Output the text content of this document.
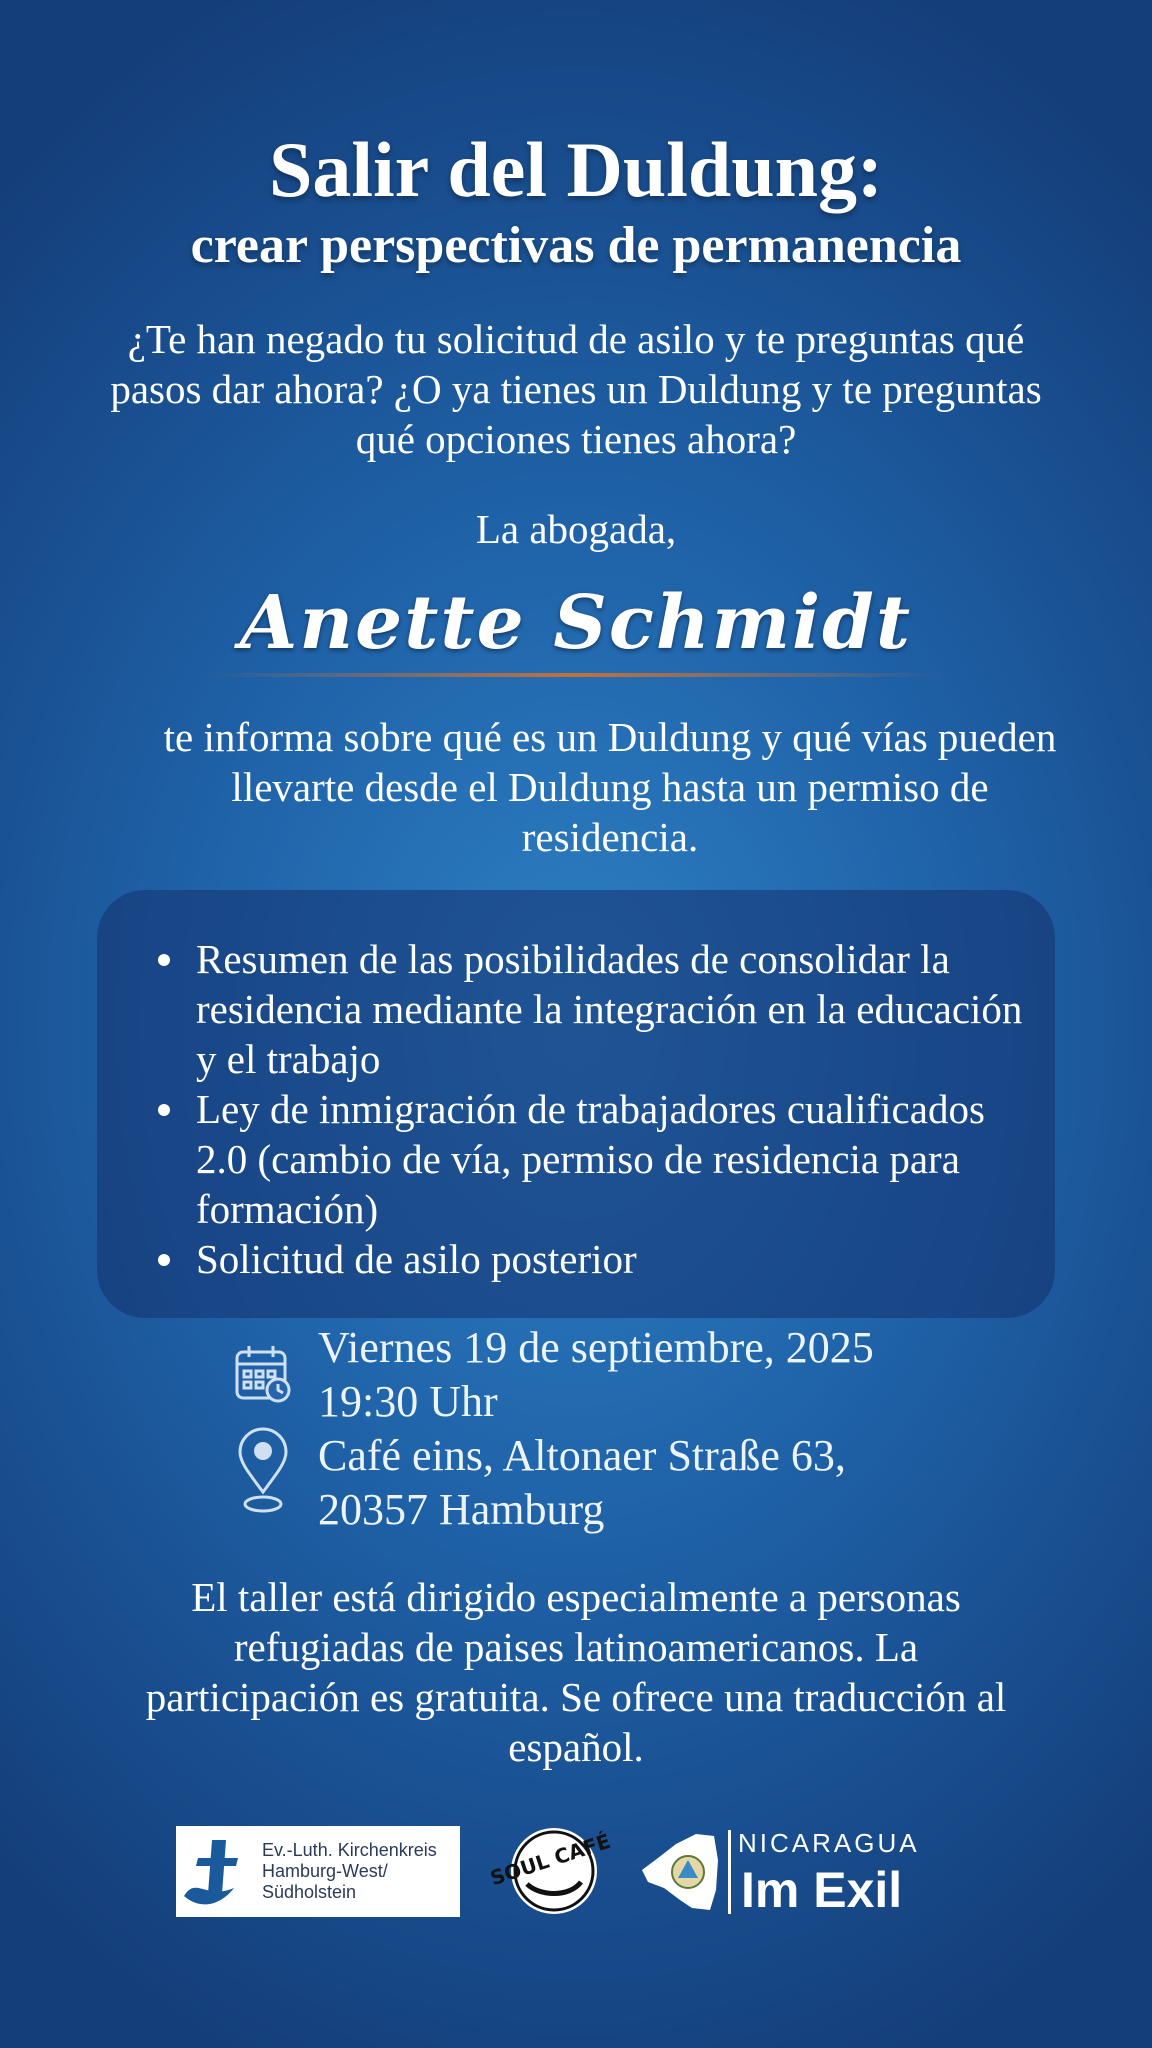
Salir del Duldung:
crear perspectivas de permanencia
¿Te han negado tu solicitud de asilo y te preguntas qué pasos dar ahora? ¿O ya tienes un Duldung y te preguntas qué opciones tienes ahora?
La abogada,
Anette Schmidt
te informa sobre qué es un Duldung y qué vías pueden llevarte desde el Duldung hasta un permiso de residencia.
Resumen de las posibilidades de consolidar la residencia mediante la integración en la educación y el trabajo
Ley de inmigración de trabajadores cualificados 2.0 (cambio de vía, permiso de residencia para formación)
Solicitud de asilo posterior
Viernes 19 de septiembre, 2025
19:30 Uhr
Café eins, Altonaer Straße 63,
20357 Hamburg
El taller está dirigido especialmente a personas refugiadas de paises latinoamericanos. La participación es gratuita. Se ofrece una traducción al español.
Ev.-Luth. Kirchenkreis
Hamburg-West/
Südholstein
SOUL CAFÉ	NICARAGUA
Im Exil
